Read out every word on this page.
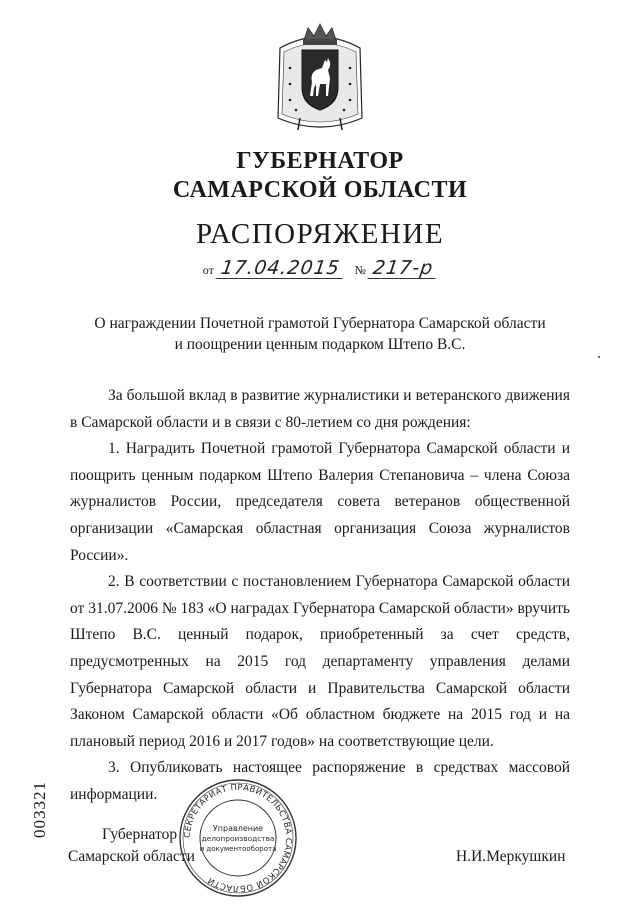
ГУБЕРНАТОР
САМАРСКОЙ ОБЛАСТИ
РАСПОРЯЖЕНИЕ
от 17.04.2015 № 217-р
О награждении Почетной грамотой Губернатора Самарской области
и поощрении ценным подарком Штепо В.С.

За большой вклад в развитие журналистики и ветеранского движения в Самарской области и в связи с 80-летием со дня рождения:

1. Наградить Почетной грамотой Губернатора Самарской области и поощрить ценным подарком Штепо Валерия Степановича – члена Союза журналистов России, председателя совета ветеранов общественной организации «Самарская областная организация Союза журналистов России».

2. В соответствии с постановлением Губернатора Самарской области от 31.07.2006 № 183 «О наградах Губернатора Самарской области» вручить Штепо В.С. ценный подарок, приобретенный за счет средств, предусмотренных на 2015 год департаменту управления делами Губернатора Самарской области и Правительства Самарской области Законом Самарской области «Об областном бюджете на 2015 год и на плановый период 2016 и 2017 годов» на соответствующие цели.

3. Опубликовать настоящее распоряжение в средствах массовой информации.

Губернатор
Самарской области
СЕКРЕТАРИАТ ПРАВИТЕЛЬСТВА САМАРСКОЙ ОБЛАСТИ
Управление
делопроизводства
и документооборота	Н.И.Меркушкин
003321
